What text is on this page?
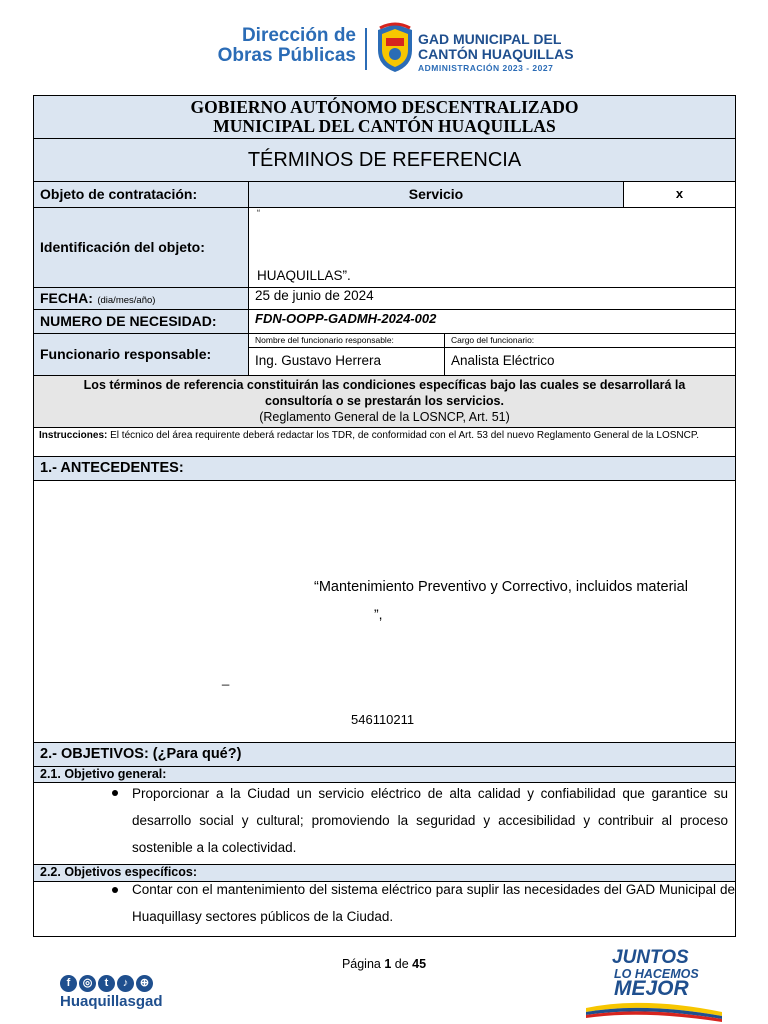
Dirección de
Obras Públicas
GAD MUNICIPAL DEL
CANTÓN HUAQUILLAS
ADMINISTRACIÓN 2023 - 2027
GOBIERNO AUTÓNOMO DESCENTRALIZADO
MUNICIPAL DEL CANTÓN HUAQUILLAS
TÉRMINOS DE REFERENCIA
Objeto de contratación:	Servicio	x
Identificación del objeto:
“
HUAQUILLAS”.
FECHA: (dia/mes/año)	25 de junio de 2024
NUMERO DE NECESIDAD:	FDN-OOPP-GADMH-2024-002
Funcionario responsable:
Nombre del funcionario responsable:
Ing. Gustavo Herrera
Cargo del funcionario:
Analista Eléctrico
Los términos de referencia constituirán las condiciones específicas bajo las cuales se desarrollará la
consultoría o se prestarán los servicios.
(Reglamento General de la LOSNCP, Art. 51)
Instrucciones: El técnico del área requirente deberá redactar los TDR, de conformidad con el Art. 53 del nuevo Reglamento General de la LOSNCP.
1.- ANTECEDENTES:
“Mantenimiento Preventivo y Correctivo, incluidos material
”,
_
546110211
2.- OBJETIVOS: (¿Para qué?)
2.1. Objetivo general:
Proporcionar a la Ciudad un servicio eléctrico de alta calidad y confiabilidad que garantice su desarrollo social y cultural; promoviendo la seguridad y accesibilidad y contribuir al proceso sostenible a la colectividad.
2.2. Objetivos específicos:
Contar con el mantenimiento del sistema eléctrico para suplir las necesidades del GAD Municipal de Huaquillasy sectores públicos de la Ciudad.
Página 1 de 45
f ◎ t ♪ ⊕
Huaquillasgad
JUNTOS
LO HACEMOS
MEJOR
